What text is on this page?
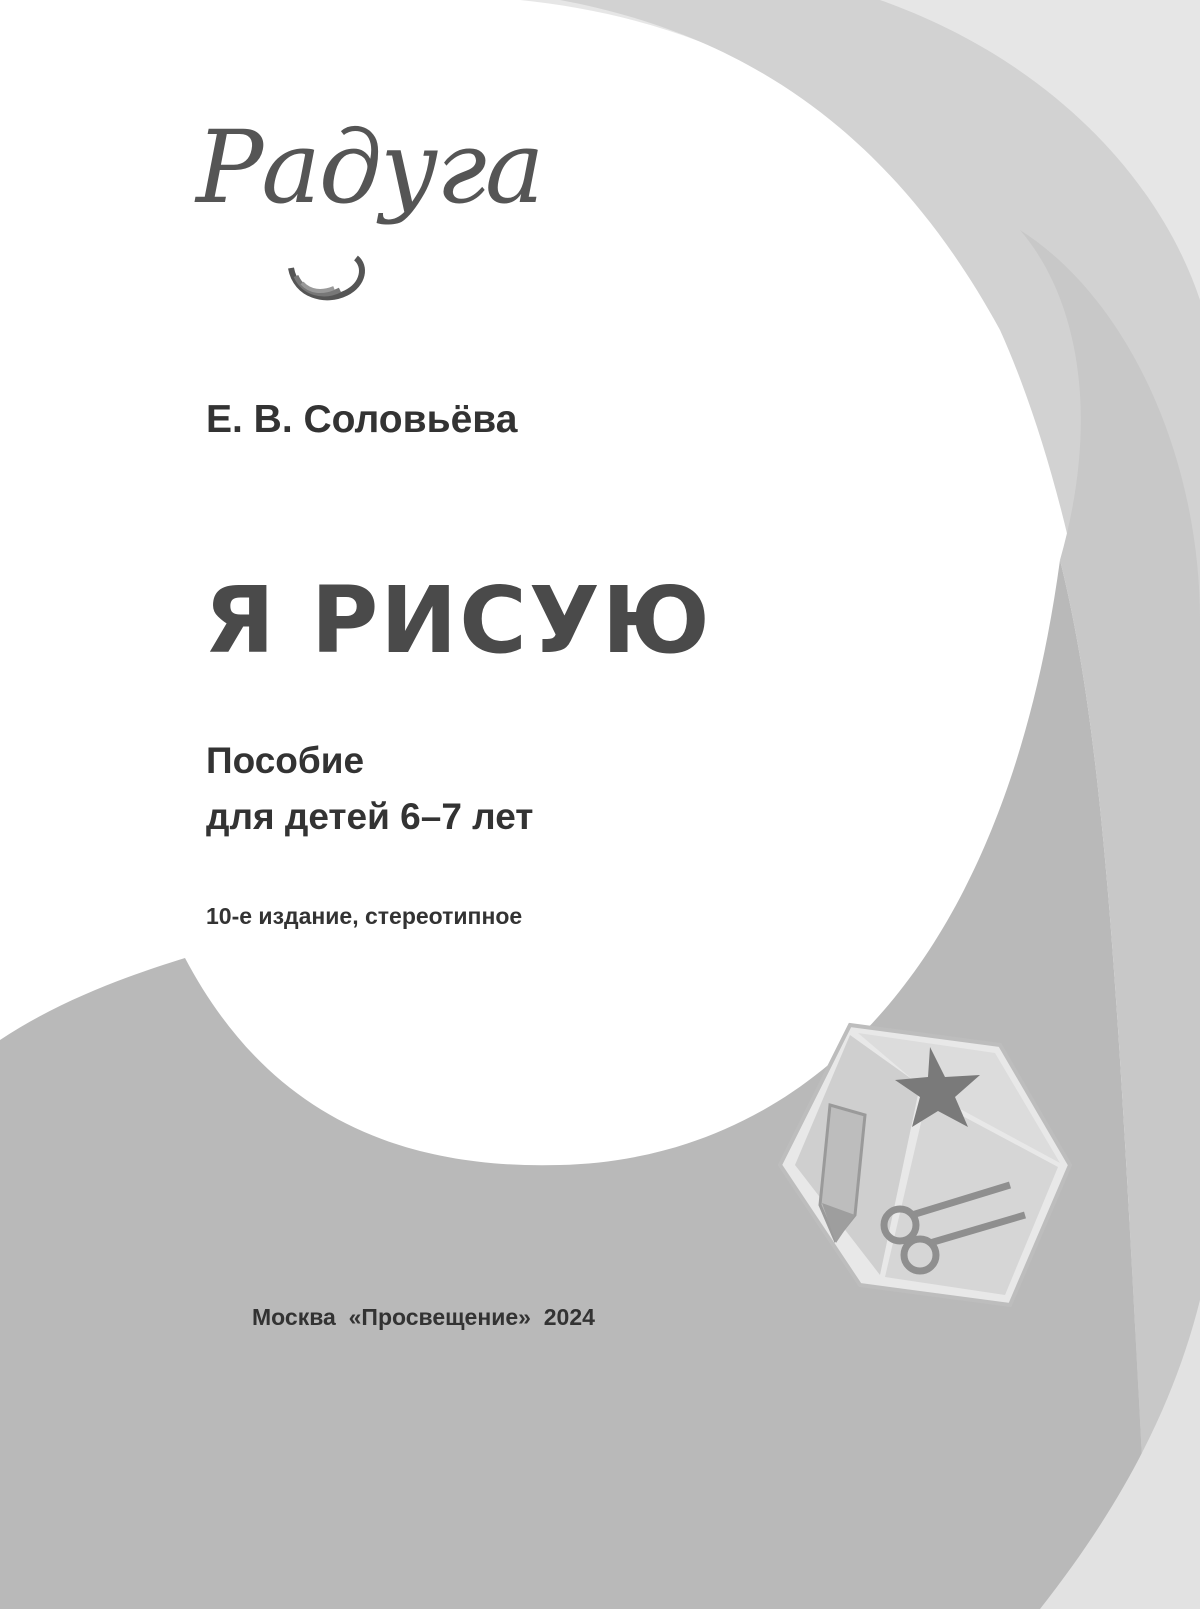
Радуга
Е. В. Соловьёва
Я РИСУЮ
Пособие
для детей 6–7 лет
10-е издание, стереотипное
Москва  «Просвещение»  2024
